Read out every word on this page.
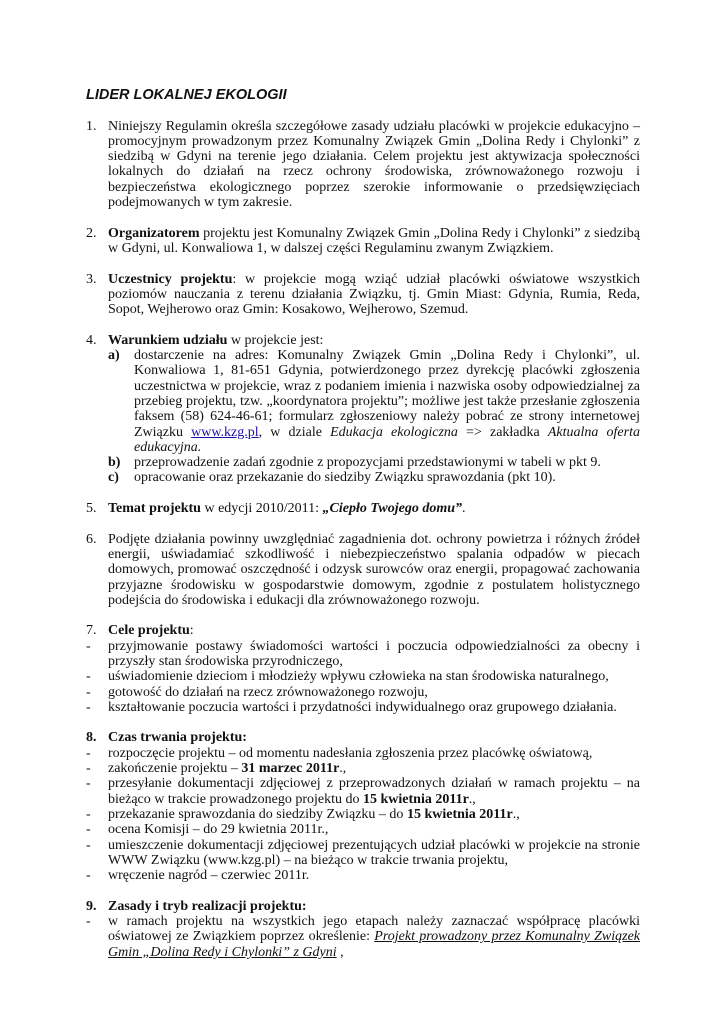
LIDER LOKALNEJ EKOLOGII
1. Niniejszy Regulamin określa szczegółowe zasady udziału placówki w projekcie edukacyjno – promocyjnym prowadzonym przez Komunalny Związek Gmin „Dolina Redy i Chylonki” z siedzibą w Gdyni na terenie jego działania. Celem projektu jest aktywizacja społeczności lokalnych do działań na rzecz ochrony środowiska, zrównoważonego rozwoju i bezpieczeństwa ekologicznego poprzez szerokie informowanie o przedsięwzięciach podejmowanych w tym zakresie.
2. Organizatorem projektu jest Komunalny Związek Gmin „Dolina Redy i Chylonki” z siedzibą w Gdyni, ul. Konwaliowa 1, w dalszej części Regulaminu zwanym Związkiem.
3. Uczestnicy projektu: w projekcie mogą wziąć udział placówki oświatowe wszystkich poziomów nauczania z terenu działania Związku, tj. Gmin Miast: Gdynia, Rumia, Reda, Sopot, Wejherowo oraz Gmin: Kosakowo, Wejherowo, Szemud.
4. Warunkiem udziału w projekcie jest:
a) dostarczenie na adres: Komunalny Związek Gmin „Dolina Redy i Chylonki”, ul. Konwaliowa 1, 81-651 Gdynia, potwierdzonego przez dyrekcję placówki zgłoszenia uczestnictwa w projekcie, wraz z podaniem imienia i nazwiska osoby odpowiedzialnej za przebieg projektu, tzw. „koordynatora projektu”; możliwe jest także przesłanie zgłoszenia faksem (58) 624-46-61; formularz zgłoszeniowy należy pobrać ze strony internetowej Związku www.kzg.pl, w dziale Edukacja ekologiczna => zakładka Aktualna oferta edukacyjna.
b) przeprowadzenie zadań zgodnie z propozycjami przedstawionymi w tabeli w pkt 9.
c) opracowanie oraz przekazanie do siedziby Związku sprawozdania (pkt 10).
5. Temat projektu w edycji 2010/2011: „Ciepło Twojego domu”.
6. Podjęte działania powinny uwzględniać zagadnienia dot. ochrony powietrza i różnych źródeł energii, uświadamiać szkodliwość i niebezpieczeństwo spalania odpadów w piecach domowych, promować oszczędność i odzysk surowców oraz energii, propagować zachowania przyjazne środowisku w gospodarstwie domowym, zgodnie z postulatem holistycznego podejścia do środowiska i edukacji dla zrównoważonego rozwoju.
7. Cele projektu:
- przyjmowanie postawy świadomości wartości i poczucia odpowiedzialności za obecny i przyszły stan środowiska przyrodniczego,
- uświadomienie dzieciom i młodzieży wpływu człowieka na stan środowiska naturalnego,
- gotowość do działań na rzecz zrównoważonego rozwoju,
- kształtowanie poczucia wartości i przydatności indywidualnego oraz grupowego działania.
8. Czas trwania projektu:
- rozpoczęcie projektu – od momentu nadesłania zgłoszenia przez placówkę oświatową,
- zakończenie projektu – 31 marzec 2011r.,
- przesyłanie dokumentacji zdjęciowej z przeprowadzonych działań w ramach projektu – na bieżąco w trakcie prowadzonego projektu do 15 kwietnia 2011r.,
- przekazanie sprawozdania do siedziby Związku – do 15 kwietnia 2011r.,
- ocena Komisji – do 29 kwietnia 2011r.,
- umieszczenie dokumentacji zdjęciowej prezentujących udział placówki w projekcie na stronie WWW Związku (www.kzg.pl) – na bieżąco w trakcie trwania projektu,
- wręczenie nagród – czerwiec 2011r.
9. Zasady i tryb realizacji projektu:
- w ramach projektu na wszystkich jego etapach należy zaznaczać współpracę placówki oświatowej ze Związkiem poprzez określenie: Projekt prowadzony przez Komunalny Związek Gmin „Dolina Redy i Chylonki” z Gdyni ,
